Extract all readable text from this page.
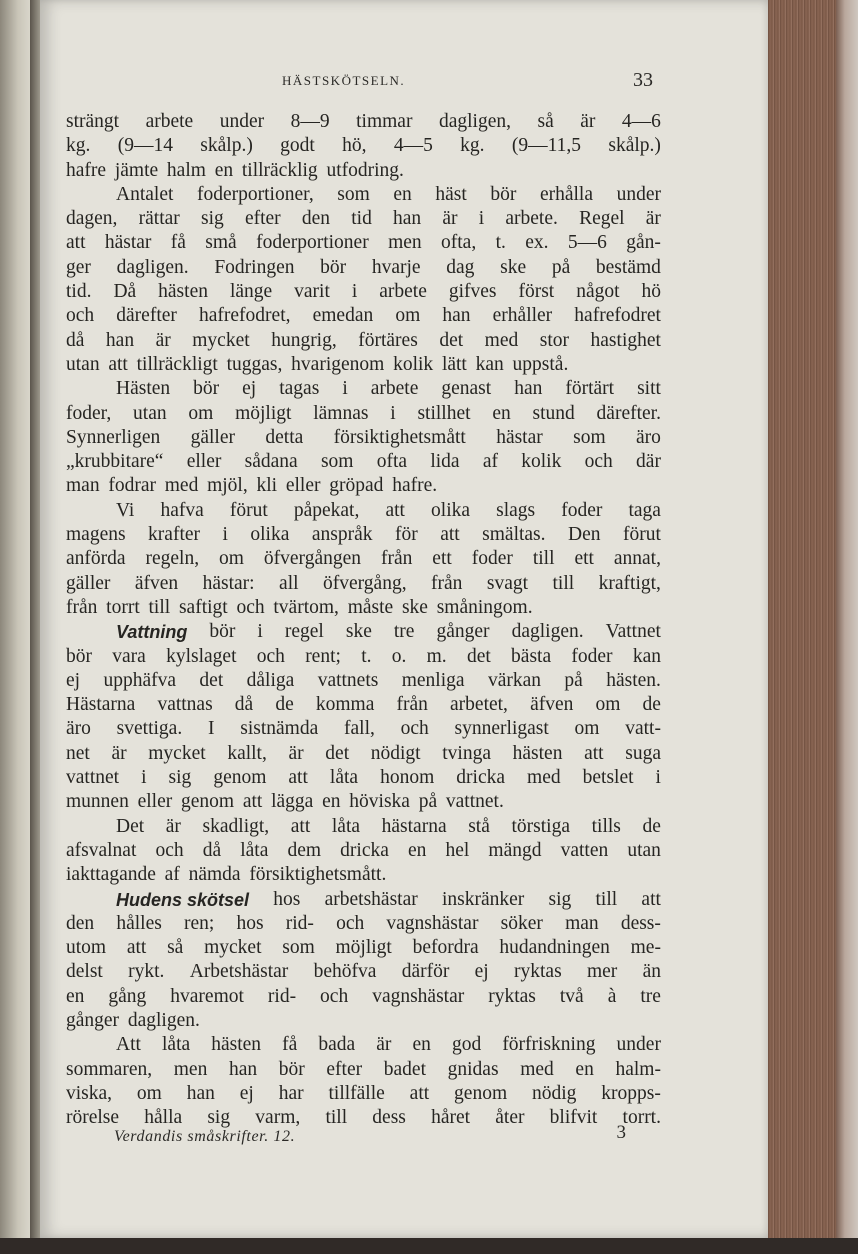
HÄSTSKÖTSELN.	33
strängt arbete under 8—9 timmar dagligen, så är 4—6
kg. (9—14 skålp.) godt hö, 4—5 kg. (9—11,5 skålp.)
hafre jämte halm en tillräcklig utfodring.
Antalet foderportioner, som en häst bör erhålla under
dagen, rättar sig efter den tid han är i arbete. Regel är
att hästar få små foderportioner men ofta, t. ex. 5—6 gån-
ger dagligen. Fodringen bör hvarje dag ske på bestämd
tid. Då hästen länge varit i arbete gifves först något hö
och därefter hafrefodret, emedan om han erhåller hafrefodret
då han är mycket hungrig, förtäres det med stor hastighet
utan att tillräckligt tuggas, hvarigenom kolik lätt kan uppstå.
Hästen bör ej tagas i arbete genast han förtärt sitt
foder, utan om möjligt lämnas i stillhet en stund därefter.
Synnerligen gäller detta försiktighetsmått hästar som äro
„krubbitare“ eller sådana som ofta lida af kolik och där
man fodrar med mjöl, kli eller gröpad hafre.
Vi hafva förut påpekat, att olika slags foder taga
magens krafter i olika anspråk för att smältas. Den förut
anförda regeln, om öfvergången från ett foder till ett annat,
gäller äfven hästar: all öfvergång, från svagt till kraftigt,
från torrt till saftigt och tvärtom, måste ske småningom.
Vattning bör i regel ske tre gånger dagligen. Vattnet
bör vara kylslaget och rent; t. o. m. det bästa foder kan
ej upphäfva det dåliga vattnets menliga värkan på hästen.
Hästarna vattnas då de komma från arbetet, äfven om de
äro svettiga. I sistnämda fall, och synnerligast om vatt-
net är mycket kallt, är det nödigt tvinga hästen att suga
vattnet i sig genom att låta honom dricka med betslet i
munnen eller genom att lägga en höviska på vattnet.
Det är skadligt, att låta hästarna stå törstiga tills de
afsvalnat och då låta dem dricka en hel mängd vatten utan
iakttagande af nämda försiktighetsmått.
Hudens skötsel hos arbetshästar inskränker sig till att
den hålles ren; hos rid- och vagnshästar söker man dess-
utom att så mycket som möjligt befordra hudandningen me-
delst rykt. Arbetshästar behöfva därför ej ryktas mer än
en gång hvaremot rid- och vagnshästar ryktas två à tre
gånger dagligen.
Att låta hästen få bada är en god förfriskning under
sommaren, men han bör efter badet gnidas med en halm-
viska, om han ej har tillfälle att genom nödig kropps-
rörelse hålla sig varm, till dess håret åter blifvit torrt.
Verdandis småskrifter. 12.	3
